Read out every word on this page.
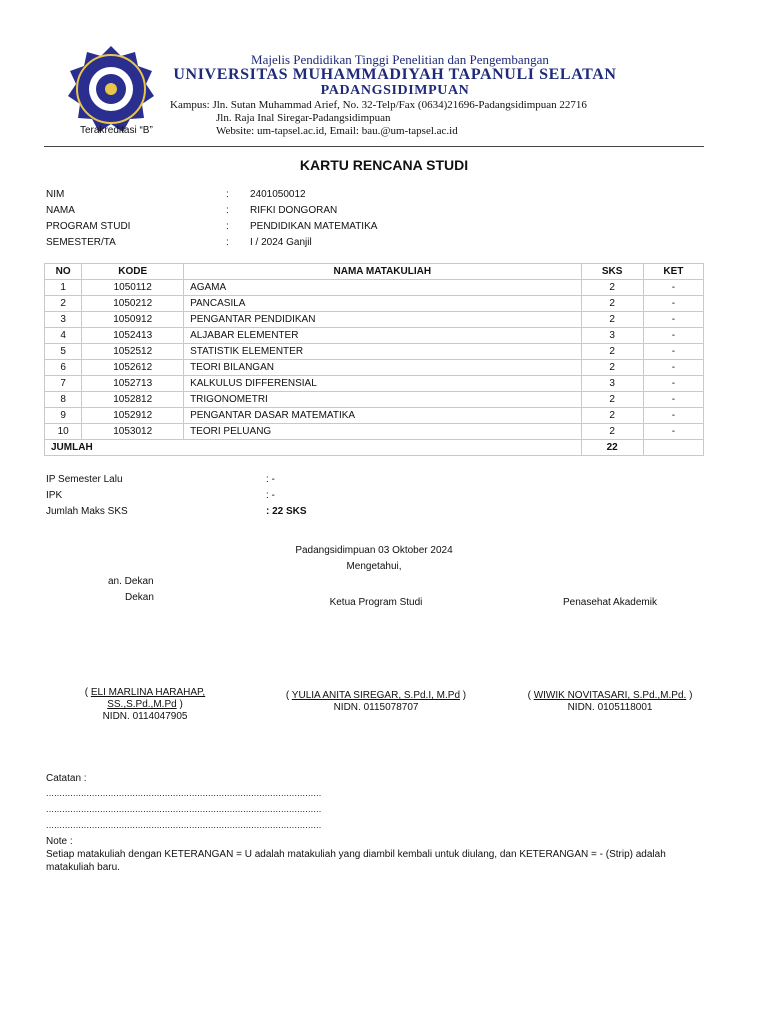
Terakreditasi “B”
Majelis Pendidikan Tinggi Penelitian dan Pengembangan
UNIVERSITAS MUHAMMADIYAH TAPANULI SELATAN
PADANGSIDIMPUAN
Kampus: Jln. Sutan Muhammad Arief, No. 32-Telp/Fax (0634)21696-Padangsidimpuan 22716
Jln. Raja Inal Siregar-Padangsidimpuan
Website: um-tapsel.ac.id, Email: bau.@um-tapsel.ac.id
KARTU RENCANA STUDI
NIM	: 2401050012
NAMA	: RIFKI DONGORAN
PROGRAM STUDI	: PENDIDIKAN MATEMATIKA
SEMESTER/TA	: I / 2024 Ganjil
NO	KODE	NAMA MATAKULIAH	SKS	KET
1	1050112	AGAMA	2	-
2	1050212	PANCASILA	2	-
3	1050912	PENGANTAR PENDIDIKAN	2	-
4	1052413	ALJABAR ELEMENTER	3	-
5	1052512	STATISTIK ELEMENTER	2	-
6	1052612	TEORI BILANGAN	2	-
7	1052713	KALKULUS DIFFERENSIAL	3	-
8	1052812	TRIGONOMETRI	2	-
9	1052912	PENGANTAR DASAR MATEMATIKA	2	-
10	1053012	TEORI PELUANG	2	-
JUMLAH			22	
IP Semester Lalu	: -
IPK	: -
Jumlah Maks SKS	: 22 SKS
Padangsidimpuan 03 Oktober 2024
Mengetahui,
an. Dekan
Dekan	Ketua Program Studi	Penasehat Akademik
( ELI MARLINA HARAHAP,
SS.,S.Pd.,M.Pd )
NIDN. 0114047905
( YULIA ANITA SIREGAR, S.Pd.I, M.Pd )
NIDN. 0115078707
( WIWIK NOVITASARI, S.Pd.,M.Pd. )
NIDN. 0105118001
Catatan :
......................................................................................................
......................................................................................................
......................................................................................................
Note :
Setiap matakuliah dengan KETERANGAN = U adalah matakuliah yang diambil kembali untuk diulang, dan KETERANGAN = - (Strip) adalah matakuliah baru.
